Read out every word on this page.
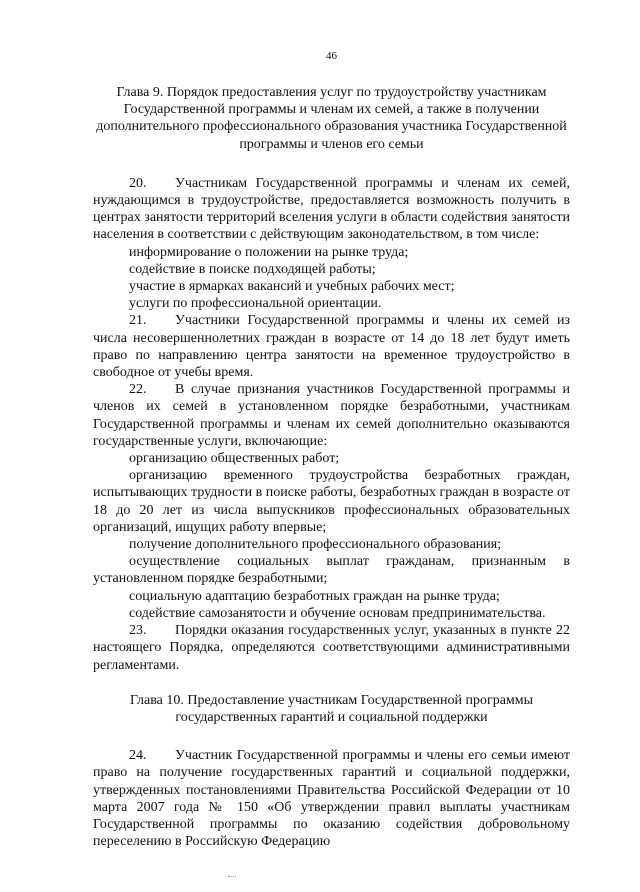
46

Глава 9. Порядок предоставления услуг по трудоустройству участникам Государственной программы и членам их семей, а также в получении дополнительного профессионального образования участника Государственной программы и членов его семьи

20. Участникам Государственной программы и членам их семей, нуждающимся в трудоустройстве, предоставляется возможность получить в центрах занятости территорий вселения услуги в области содействия занятости населения в соответствии с действующим законодательством, в том числе:

информирование о положении на рынке труда;

содействие в поиске подходящей работы;

участие в ярмарках вакансий и учебных рабочих мест;

услуги по профессиональной ориентации.

21. Участники Государственной программы и члены их семей из числа несовершеннолетних граждан в возрасте от 14 до 18 лет будут иметь право по направлению центра занятости на временное трудоустройство в свободное от учебы время.

22. В случае признания участников Государственной программы и членов их семей в установленном порядке безработными, участникам Государственной программы и членам их семей дополнительно оказываются государственные услуги, включающие:

организацию общественных работ;

организацию временного трудоустройства безработных граждан, испытывающих трудности в поиске работы, безработных граждан в возрасте от 18 до 20 лет из числа выпускников профессиональных образовательных организаций, ищущих работу впервые;

получение дополнительного профессионального образования;

осуществление социальных выплат гражданам, признанным в установленном порядке безработными;

социальную адаптацию безработных граждан на рынке труда;

содействие самозанятости и обучение основам предпринимательства.

23. Порядки оказания государственных услуг, указанных в пункте 22 настоящего Порядка, определяются соответствующими административными регламентами.

Глава 10. Предоставление участникам Государственной программы государственных гарантий и социальной поддержки

24. Участник Государственной программы и члены его семьи имеют право на получение государственных гарантий и социальной поддержки, утвержденных постановлениями Правительства Российской Федерации от 10 марта 2007 года № 150 «Об утверждении правил выплаты участникам Государственной программы по оказанию содействия добровольному переселению в Российскую Федерацию
